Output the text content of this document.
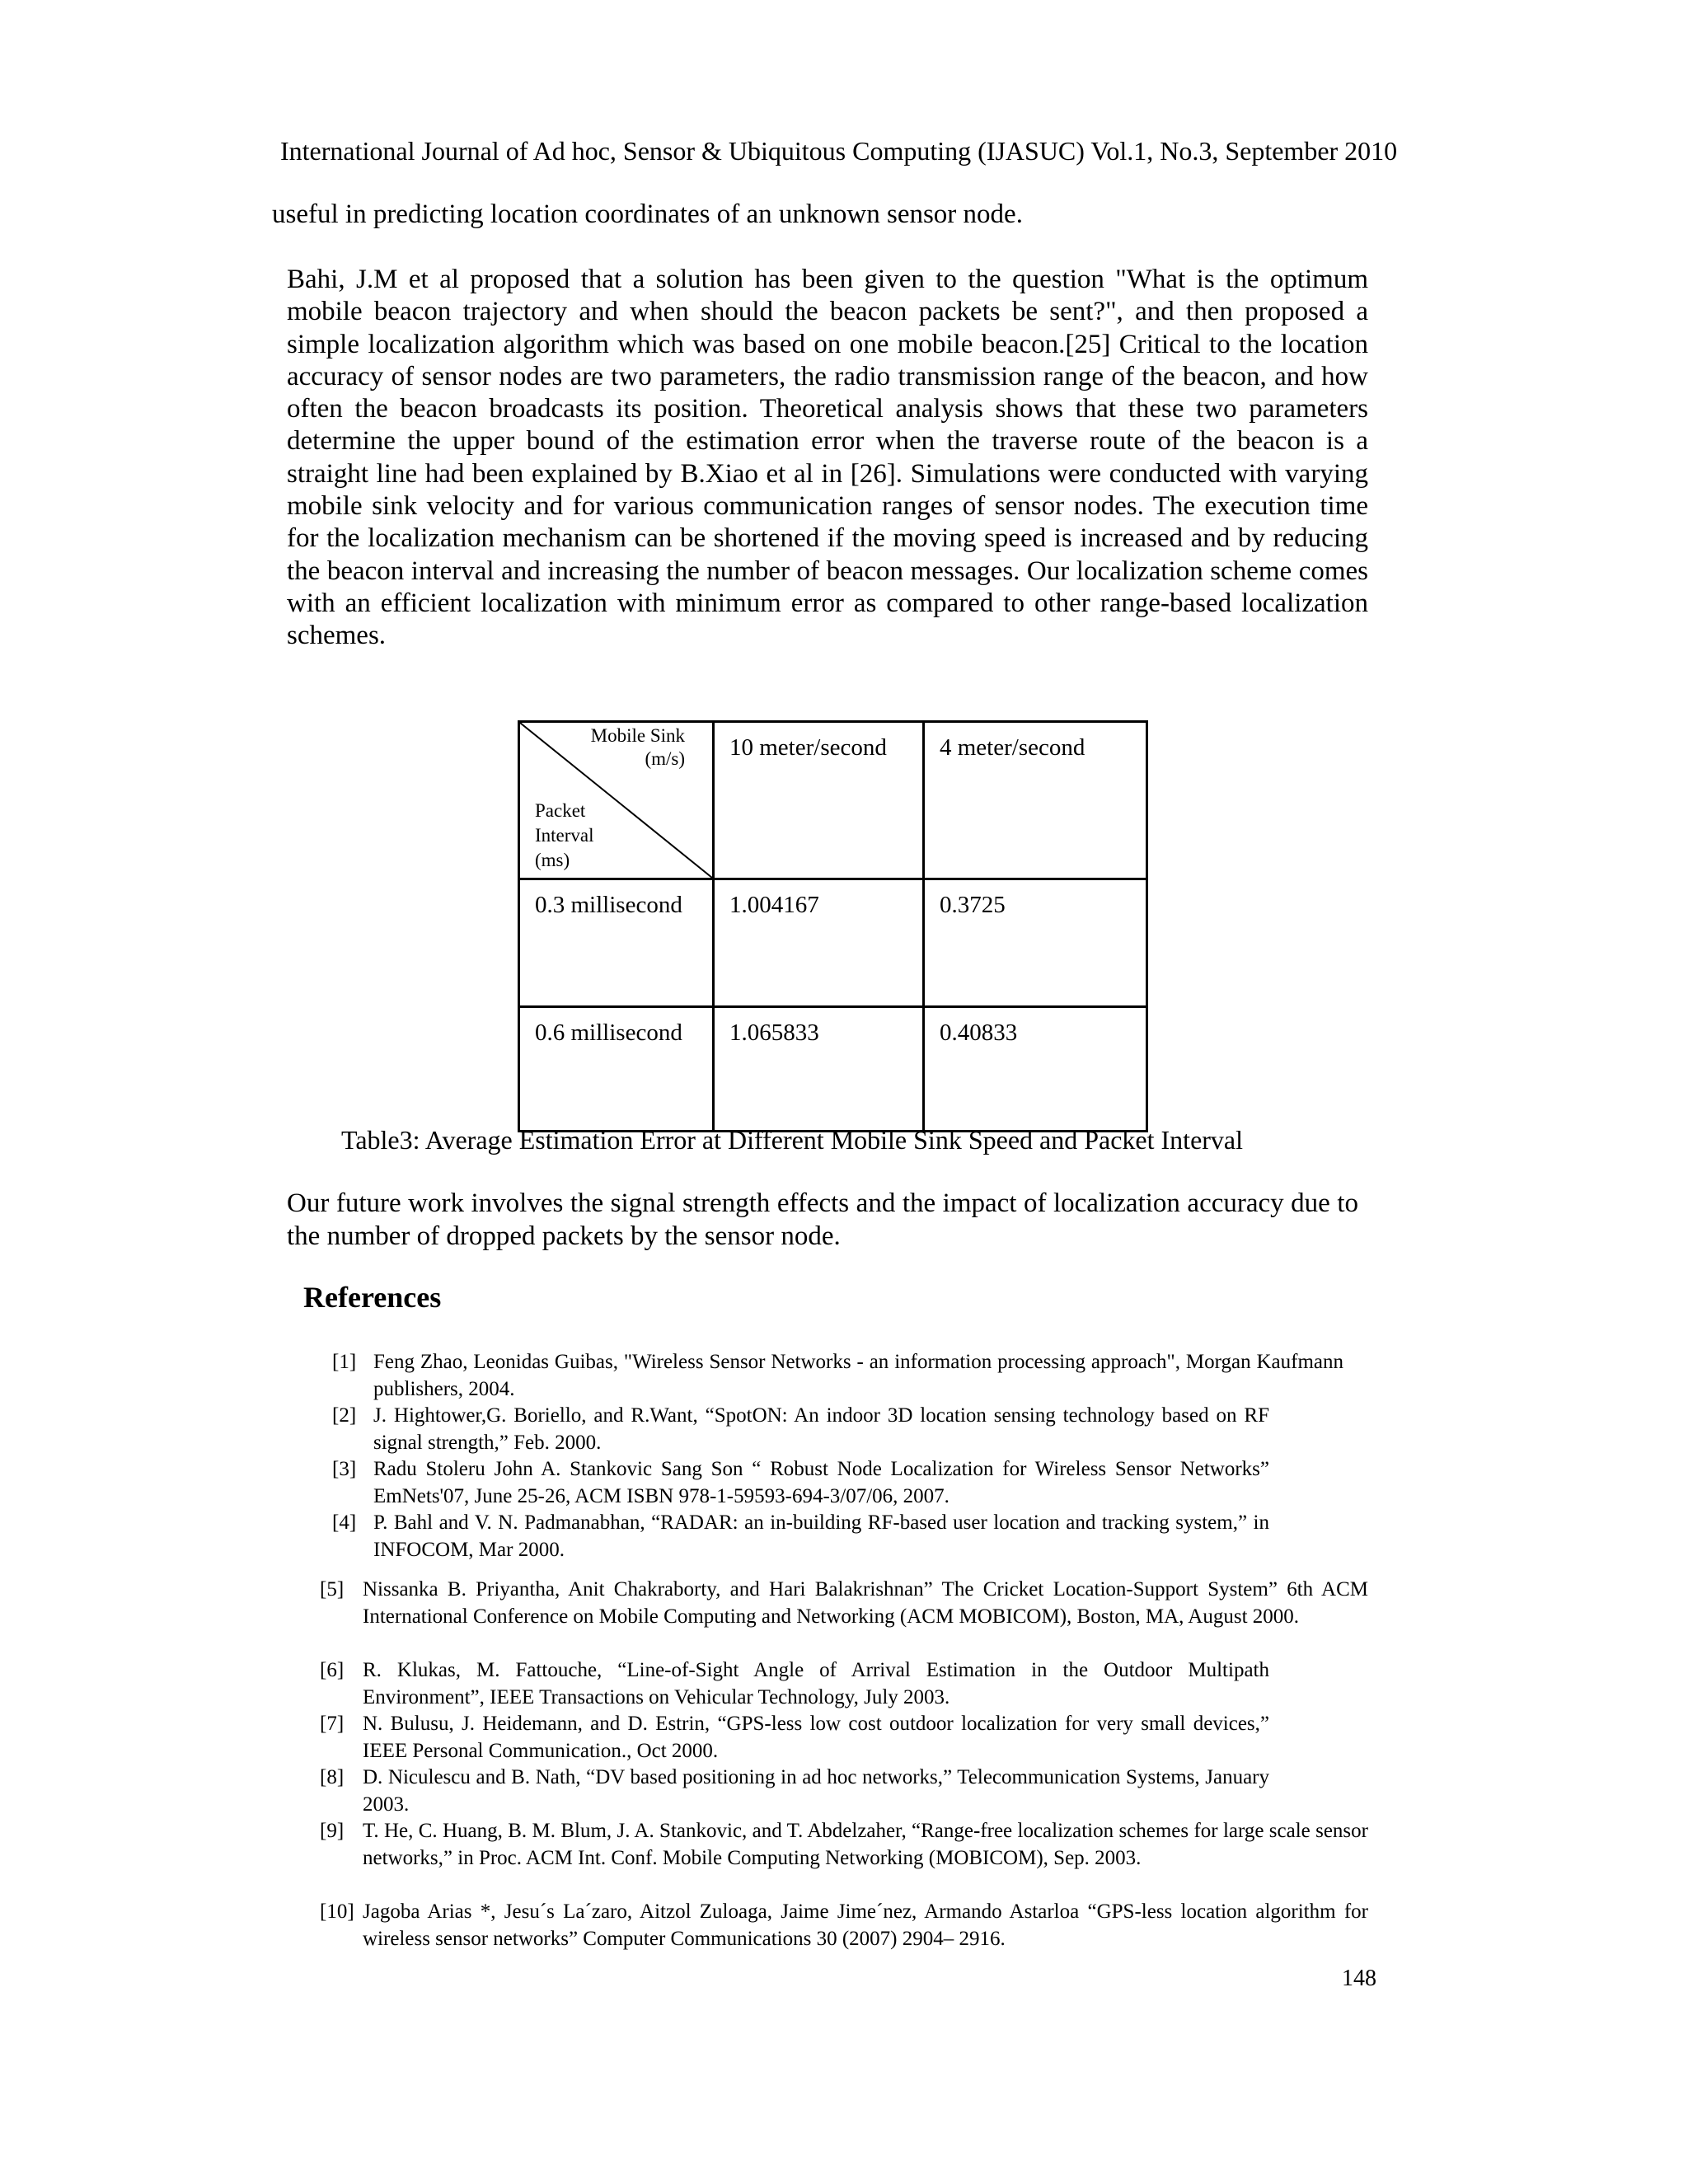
International Journal of Ad hoc, Sensor & Ubiquitous Computing (IJASUC) Vol.1, No.3, September 2010
useful in predicting location coordinates of an unknown sensor node.
Bahi, J.M et al proposed that a solution has been given to the question "What is the optimum mobile beacon trajectory and when should the beacon packets be sent?", and then proposed a simple localization algorithm which was based on one mobile beacon.[25] Critical to the location accuracy of sensor nodes are two parameters, the radio transmission range of the beacon, and how often the beacon broadcasts its position. Theoretical analysis shows that these two parameters determine the upper bound of the estimation error when the traverse route of the beacon is a straight line had been explained by B.Xiao et al in [26]. Simulations were conducted with varying mobile sink velocity and for various communication ranges of sensor nodes. The execution time for the localization mechanism can be shortened if the moving speed is increased and by reducing the beacon interval and increasing the number of beacon messages. Our localization scheme comes with an efficient localization with minimum error as compared to other range-based localization schemes.
Mobile Sink
(m/s)
Packet
Interval
(ms)	10 meter/second	4 meter/second

0.3 millisecond	1.004167	0.3725
0.6 millisecond	1.065833	0.40833
Table3: Average Estimation Error at Different Mobile Sink Speed and Packet Interval
Our future work involves the signal strength effects and the impact of localization accuracy due to the number of dropped packets by the sensor node.
References
[1] Feng Zhao, Leonidas Guibas, "Wireless Sensor Networks - an information processing approach", Morgan Kaufmann publishers, 2004.
[2] J. Hightower,G. Boriello, and R.Want, “SpotON: An indoor 3D location sensing technology based on RF signal strength,” Feb. 2000.
[3] Radu Stoleru John A. Stankovic Sang Son “ Robust Node Localization for Wireless Sensor Networks” EmNets'07, June 25-26, ACM ISBN 978-1-59593-694-3/07/06, 2007.
[4] P. Bahl and V. N. Padmanabhan, “RADAR: an in-building RF-based user location and tracking system,” in INFOCOM, Mar 2000.
[5] Nissanka B. Priyantha, Anit Chakraborty, and Hari Balakrishnan” The Cricket Location-Support System” 6th ACM International Conference on Mobile Computing and Networking (ACM MOBICOM), Boston, MA, August 2000.
[6] R. Klukas, M. Fattouche, “Line-of-Sight Angle of Arrival Estimation in the Outdoor Multipath Environment”, IEEE Transactions on Vehicular Technology, July 2003.
[7] N. Bulusu, J. Heidemann, and D. Estrin, “GPS-less low cost outdoor localization for very small devices,” IEEE Personal Communication., Oct 2000.
[8] D. Niculescu and B. Nath, “DV based positioning in ad hoc networks,” Telecommunication Systems, January 2003.
[9] T. He, C. Huang, B. M. Blum, J. A. Stankovic, and T. Abdelzaher, “Range-free localization schemes for large scale sensor networks,” in Proc. ACM Int. Conf. Mobile Computing Networking (MOBICOM), Sep. 2003.
[10] Jagoba Arias *, Jesu´s La´zaro, Aitzol Zuloaga, Jaime Jime´nez, Armando Astarloa “GPS-less location algorithm for wireless sensor networks” Computer Communications 30 (2007) 2904– 2916.
148
